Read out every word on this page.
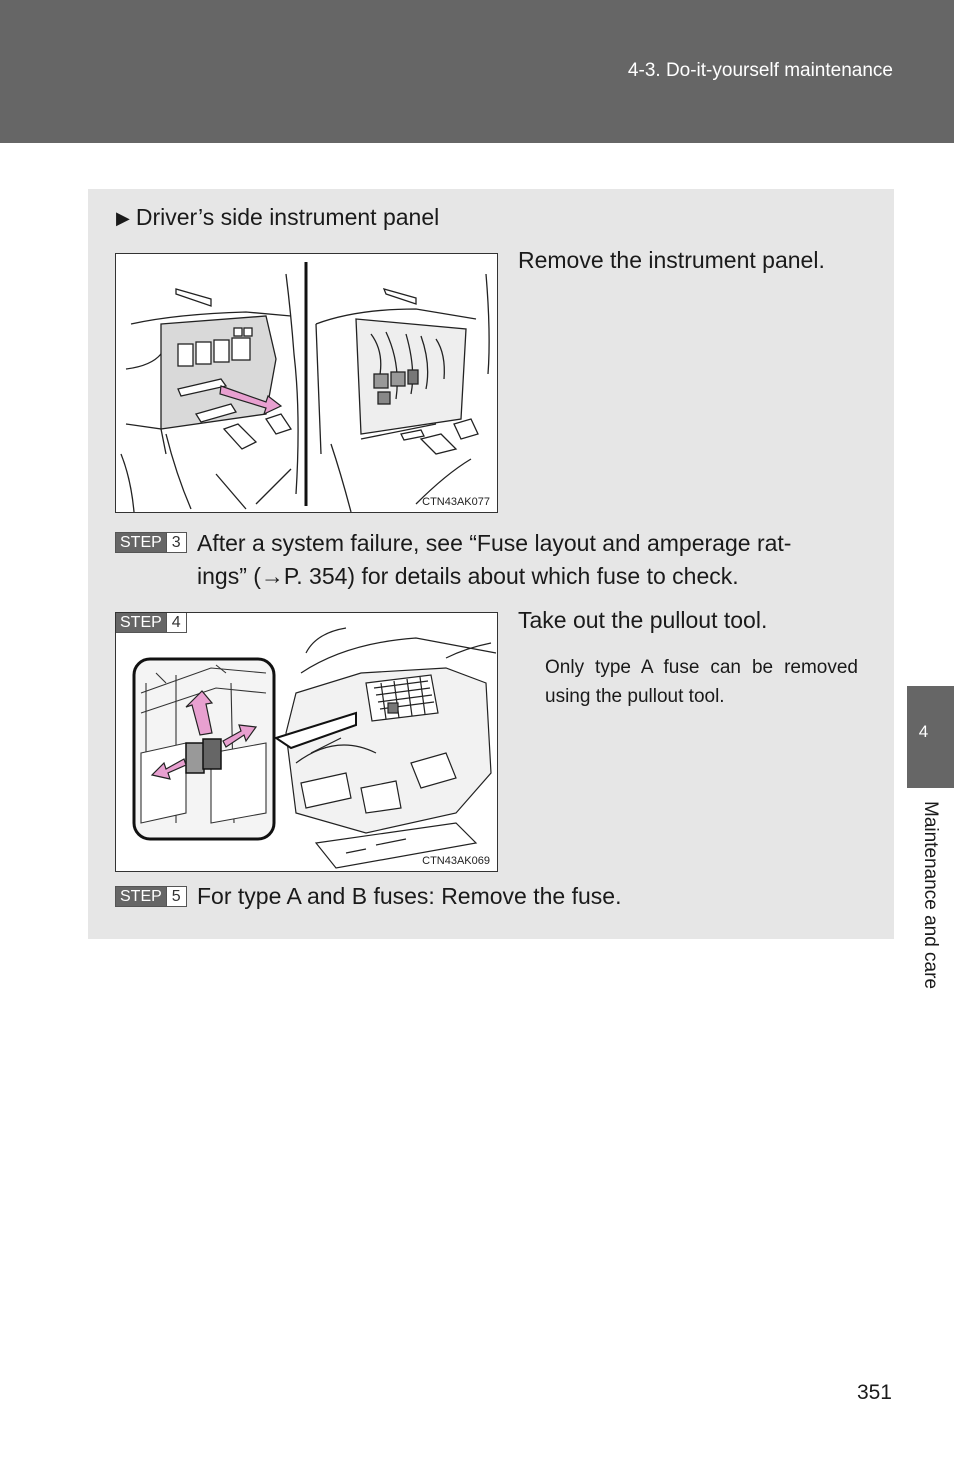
4-3. Do-it-yourself maintenance
▶ Driver’s side instrument panel
CTN43AK077
Remove the instrument panel.
STEP 3 After a system failure, see “Fuse layout and amperage rat-
ings” (→P. 354) for details about which fuse to check.
STEP 4
CTN43AK069
Take out the pullout tool.
Only type A fuse can be removed using the pullout tool.
STEP 5 For type A and B fuses: Remove the fuse.
4
Maintenance and care
351
